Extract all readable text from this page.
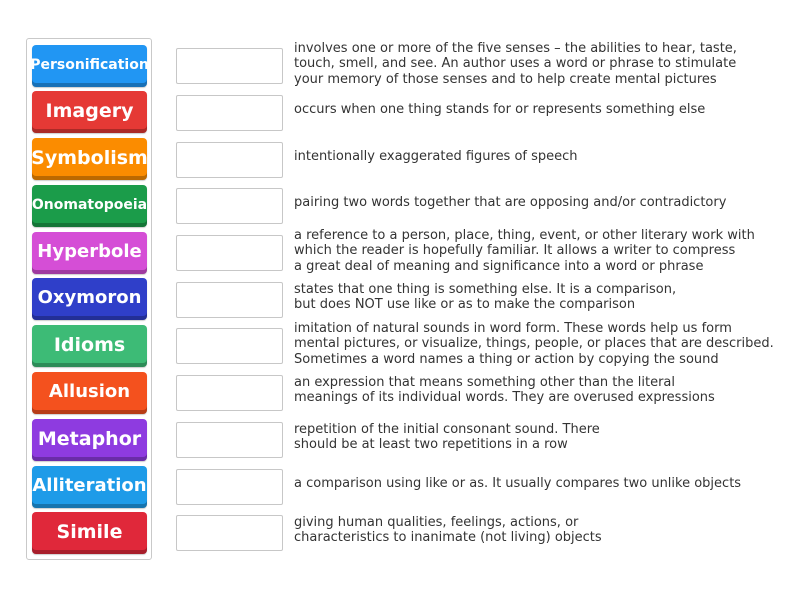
Personification
Imagery
Symbolism
Onomatopoeia
Hyperbole
Oxymoron
Idioms
Allusion
Metaphor
Alliteration
Simile
involves one or more of the five senses – the abilities to hear, taste,
touch, smell, and see. An author uses a word or phrase to stimulate
your memory of those senses and to help create mental pictures
occurs when one thing stands for or represents something else
intentionally exaggerated figures of speech
pairing two words together that are opposing and/or contradictory
a reference to a person, place, thing, event, or other literary work with
which the reader is hopefully familiar. It allows a writer to compress
a great deal of meaning and significance into a word or phrase
states that one thing is something else. It is a comparison,
but does NOT use like or as to make the comparison
imitation of natural sounds in word form. These words help us form
mental pictures, or visualize, things, people, or places that are described.
Sometimes a word names a thing or action by copying the sound
an expression that means something other than the literal
meanings of its individual words. They are overused expressions
repetition of the initial consonant sound. There
should be at least two repetitions in a row
a comparison using like or as. It usually compares two unlike objects
giving human qualities, feelings, actions, or
characteristics to inanimate (not living) objects
